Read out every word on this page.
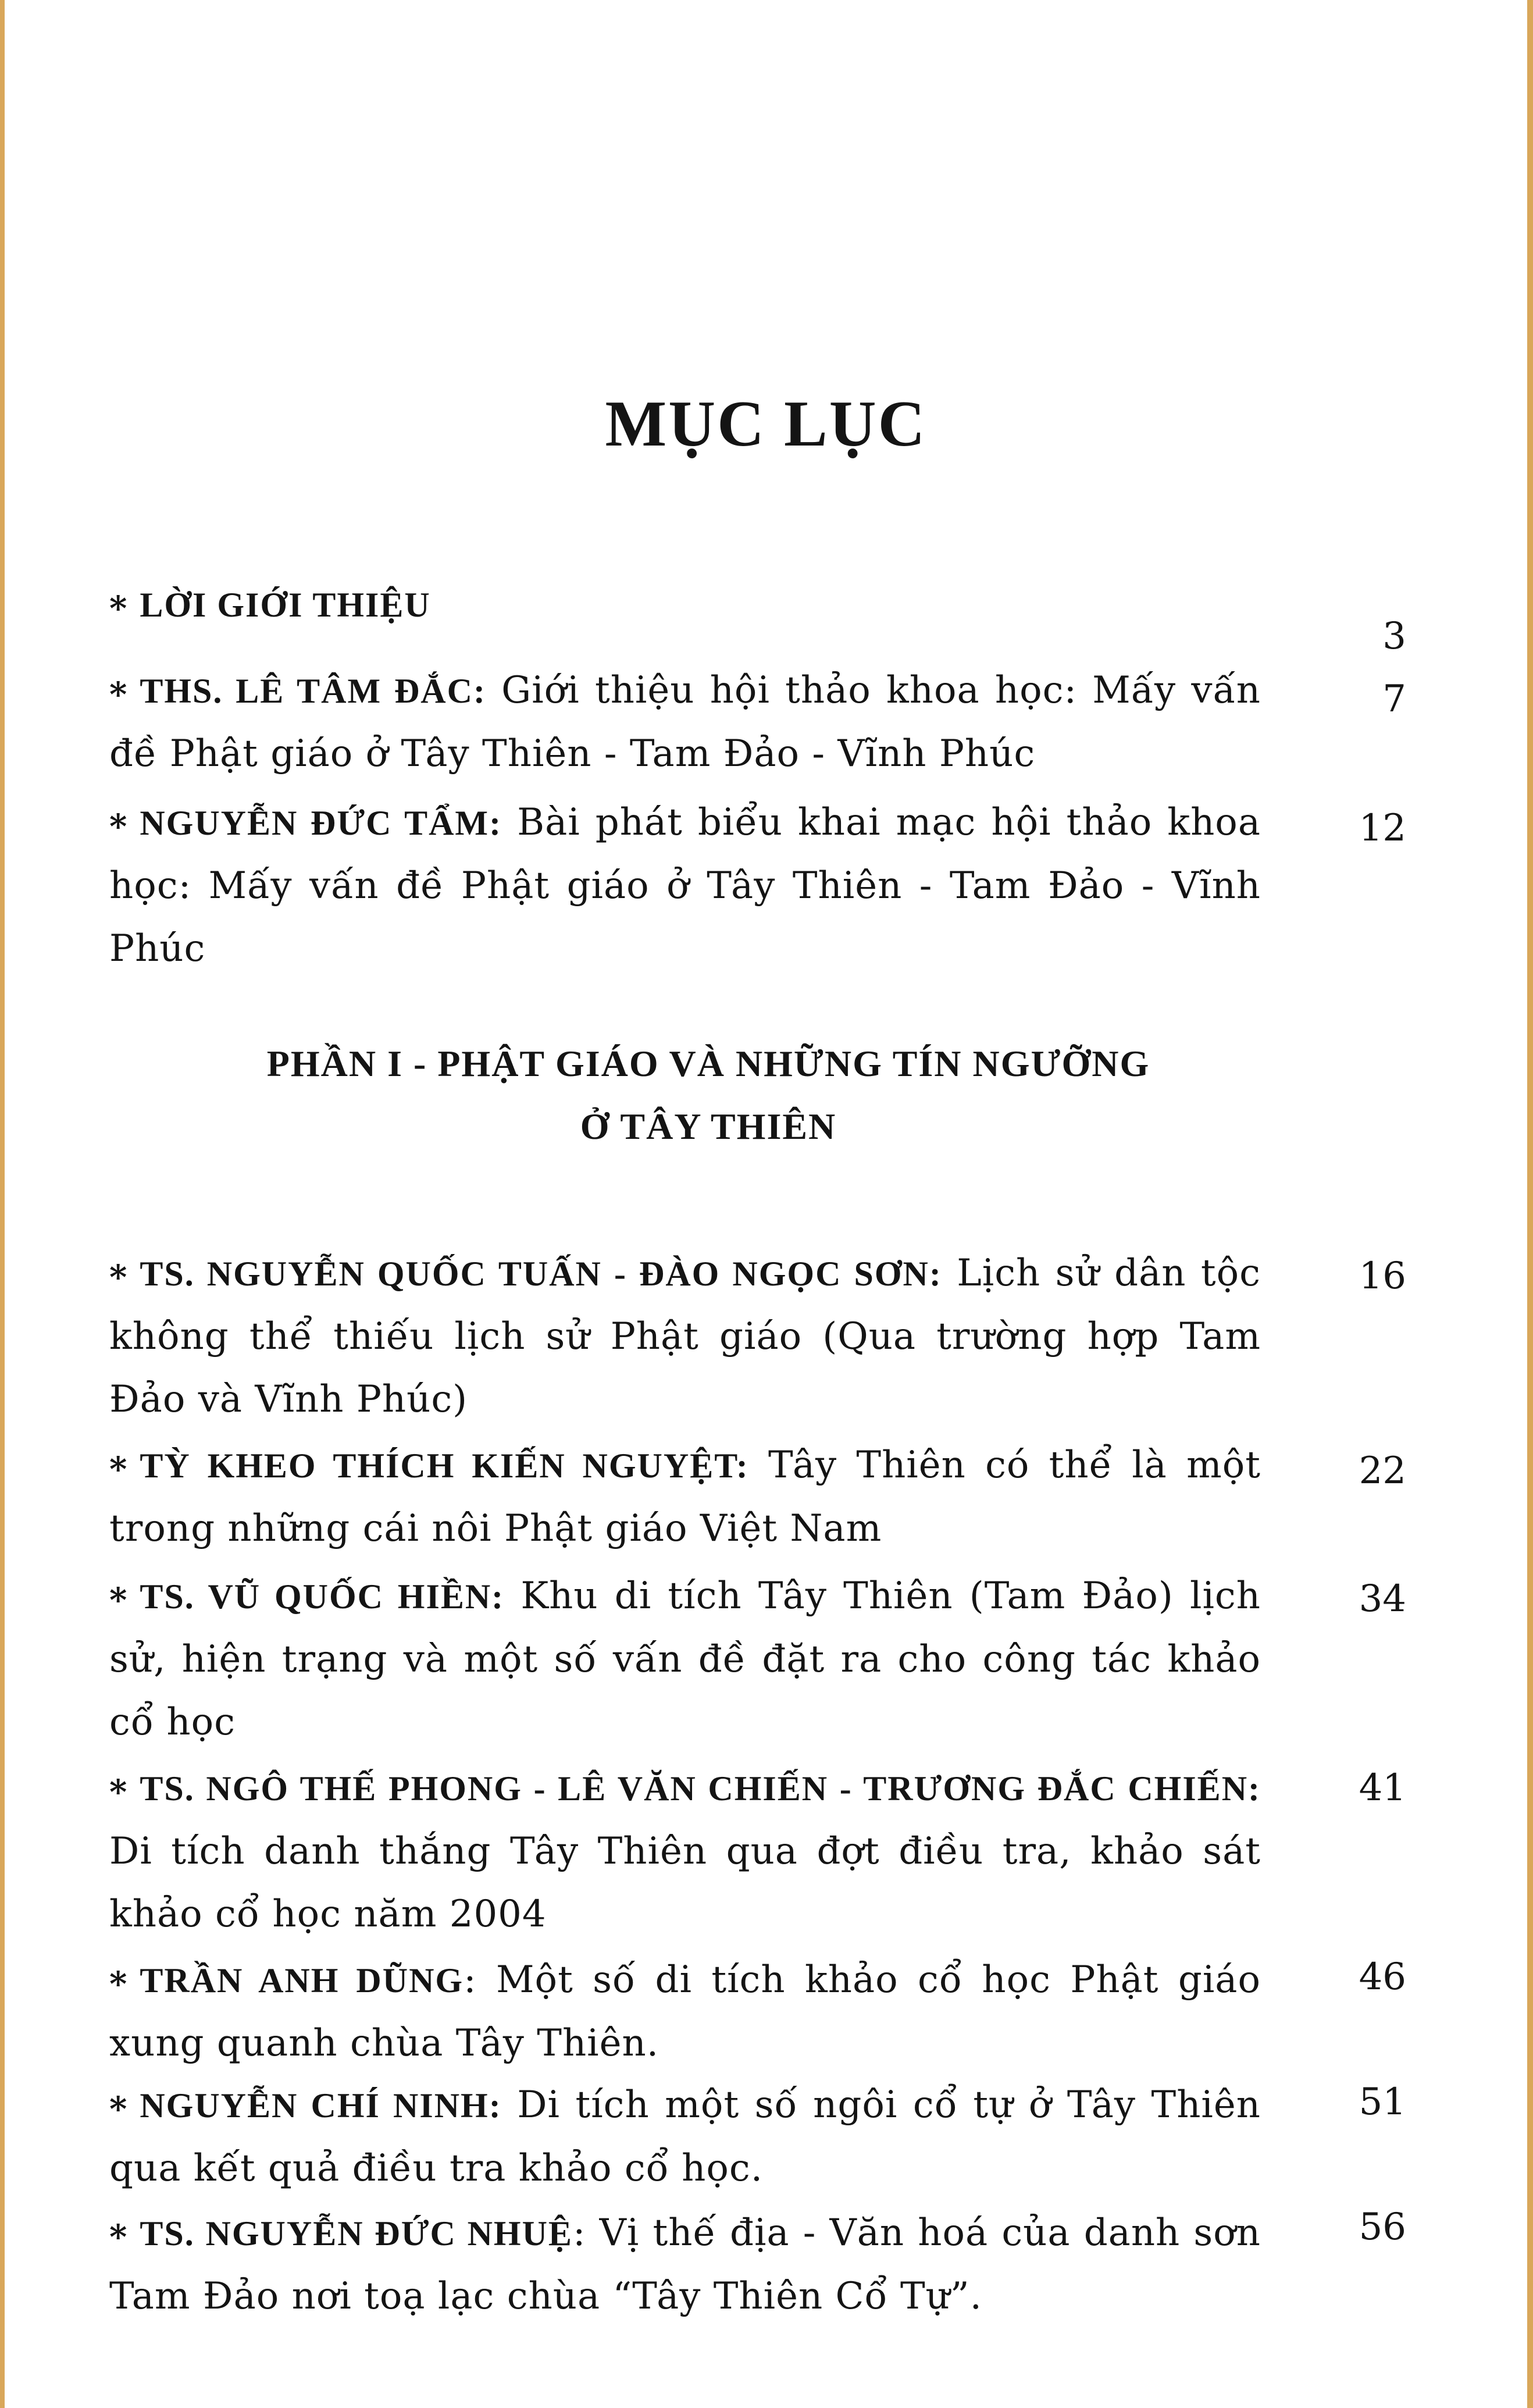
MỤC LỤC
* LỜI GIỚI THIỆU
3
* THS. LÊ TÂM ĐẮC: Giới thiệu hội thảo khoa học: Mấy vấn đề Phật giáo ở Tây Thiên - Tam Đảo - Vĩnh Phúc
7
* NGUYỄN ĐỨC TẨM: Bài phát biểu khai mạc hội thảo khoa học: Mấy vấn đề Phật giáo ở Tây Thiên - Tam Đảo - Vĩnh Phúc
12
PHẦN I - PHẬT GIÁO VÀ NHỮNG TÍN NGƯỠNG
Ở TÂY THIÊN
* TS. NGUYỄN QUỐC TUẤN - ĐÀO NGỌC SƠN: Lịch sử dân tộc không thể thiếu lịch sử Phật giáo (Qua trường hợp Tam Đảo và Vĩnh Phúc)
16
* TỲ KHEO THÍCH KIẾN NGUYỆT: Tây Thiên có thể là một trong những cái nôi Phật giáo Việt Nam
22
* TS. VŨ QUỐC HIỀN: Khu di tích Tây Thiên (Tam Đảo) lịch sử, hiện trạng và một số vấn đề đặt ra cho công tác khảo cổ học
34
* TS. NGÔ THẾ PHONG - LÊ VĂN CHIẾN - TRƯƠNG ĐẮC CHIẾN: Di tích danh thắng Tây Thiên qua đợt điều tra, khảo sát khảo cổ học năm 2004
41
* TRẦN ANH DŨNG: Một số di tích khảo cổ học Phật giáo xung quanh chùa Tây Thiên.
46
* NGUYỄN CHÍ NINH: Di tích một số ngôi cổ tự ở Tây Thiên qua kết quả điều tra khảo cổ học.
51
* TS. NGUYỄN ĐỨC NHUỆ: Vị thế địa - Văn hoá của danh sơn Tam Đảo nơi toạ lạc chùa “Tây Thiên Cổ Tự”.
56
